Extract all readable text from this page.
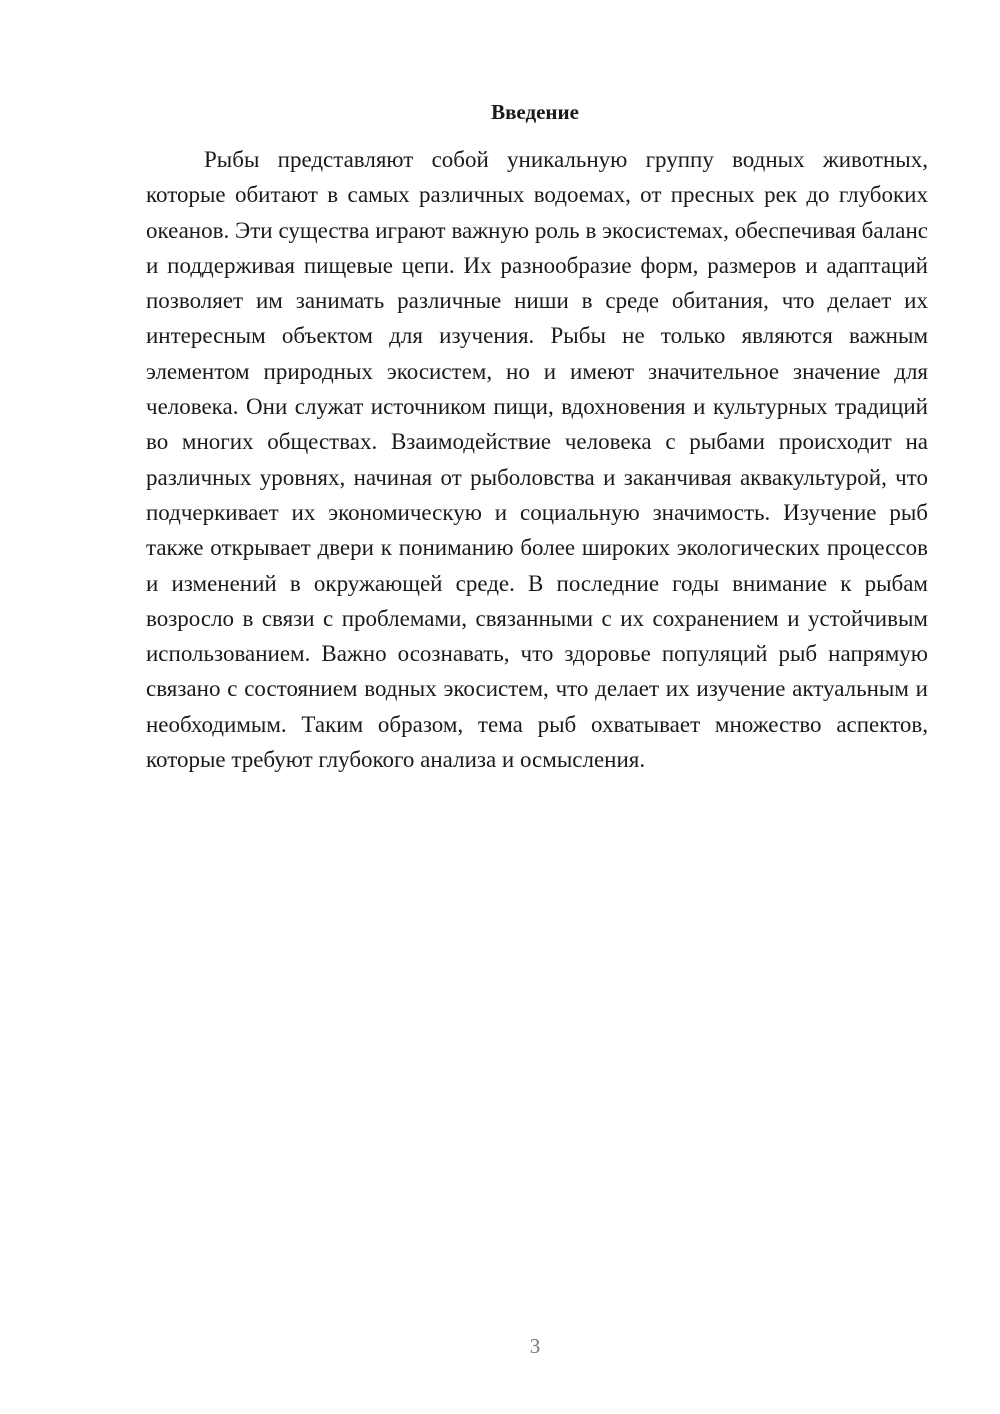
Введение

Рыбы представляют собой уникальную группу водных животных, которые обитают в самых различных водоемах, от пресных рек до глубоких океанов. Эти существа играют важную роль в экосистемах, обеспечивая баланс и поддерживая пищевые цепи. Их разнообразие форм, размеров и адаптаций позволяет им занимать различные ниши в среде обитания, что делает их интересным объектом для изучения. Рыбы не только являются важным элементом природных экосистем, но и имеют значительное значение для человека. Они служат источником пищи, вдохновения и культурных традиций во многих обществах. Взаимодействие человека с рыбами происходит на различных уровнях, начиная от рыболовства и заканчивая аквакультурой, что подчеркивает их экономическую и социальную значимость. Изучение рыб также открывает двери к пониманию более широких экологических процессов и изменений в окружающей среде. В последние годы внимание к рыбам возросло в связи с проблемами, связанными с их сохранением и устойчивым использованием. Важно осознавать, что здоровье популяций рыб напрямую связано с состоянием водных экосистем, что делает их изучение актуальным и необходимым. Таким образом, тема рыб охватывает множество аспектов, которые требуют глубокого анализа и осмысления.

3
